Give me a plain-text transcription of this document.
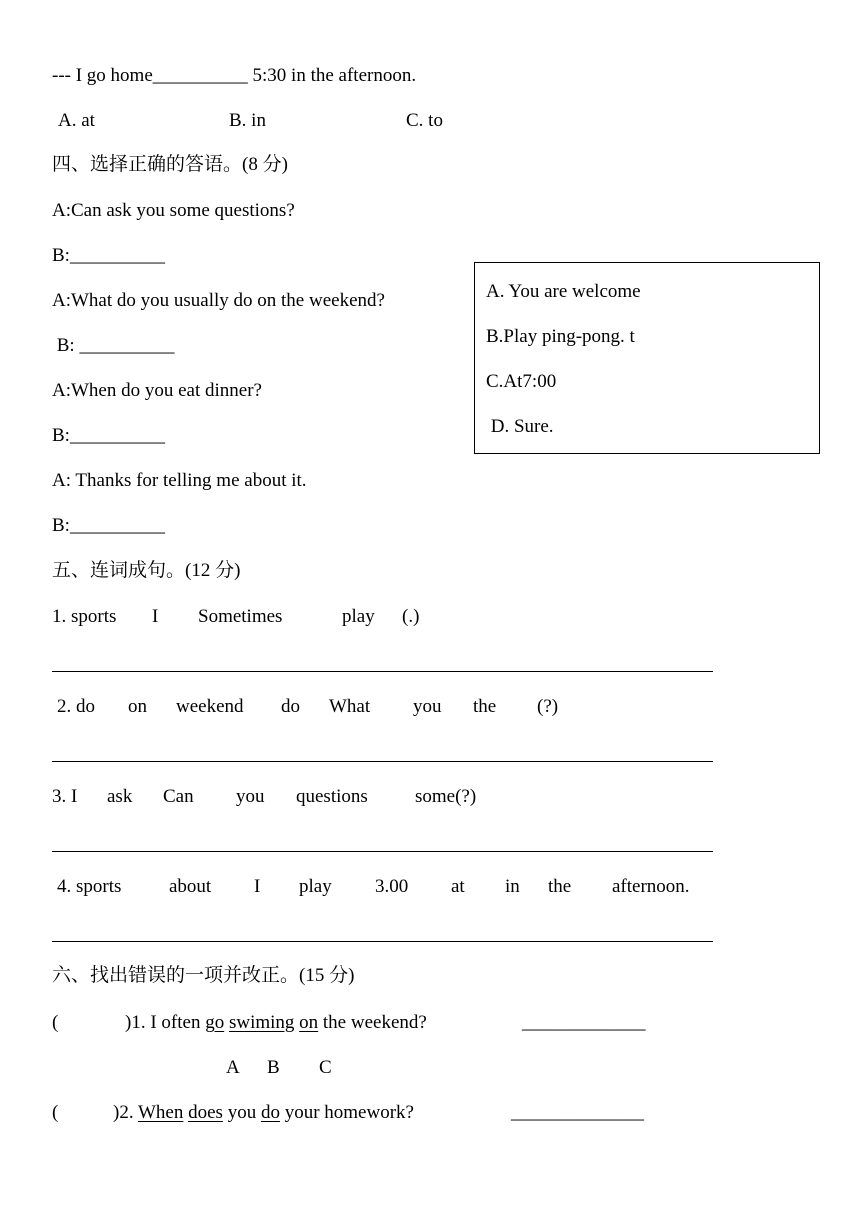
--- I go home__________ 5:30 in the afternoon.
A. at	B. in	C. to
四、选择正确的答语。(8 分)
A:Can ask you some questions?
B:__________
A:What do you usually do on the weekend?
B: __________
A:When do you eat dinner?
B:__________
A: Thanks for telling me about it.
B:__________
A. You are welcome
B.Play ping-pong. t
C.At7:00
D. Sure.
五、连词成句。(12 分)
1. sports I Sometimes	play (.)
2. do on weekend do What you the (?)
3. I ask Can you questions some(?)
4. sports	about I play 3.00 at in the afternoon.
六、找出错误的一项并改正。(15 分)
(	)1. I often go swiming on the weekend?	_____________
A B C
(	)2. When does you do your homework?	______________
